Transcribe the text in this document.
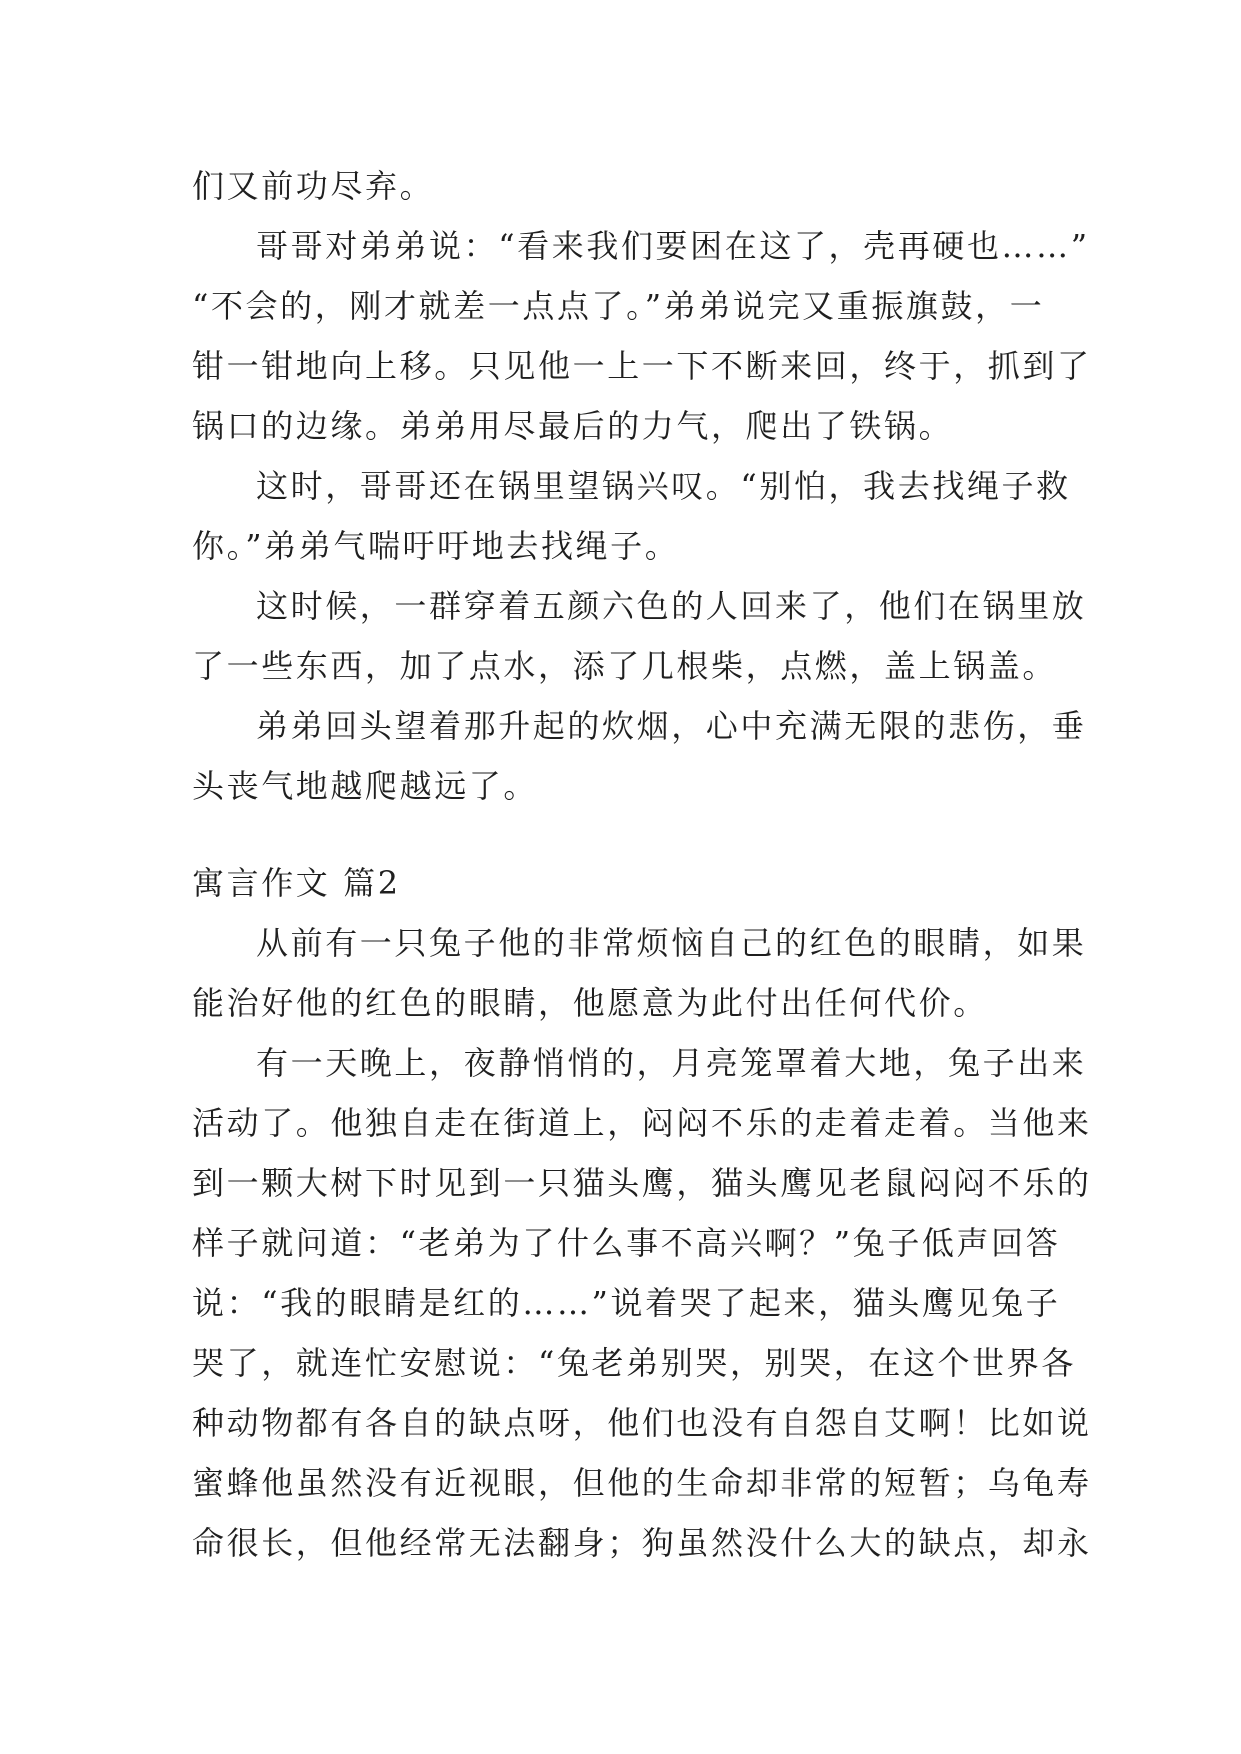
们又前功尽弃。
哥哥对弟弟说：“看来我们要困在这了，壳再硬也……”
“不会的，刚才就差一点点了。”弟弟说完又重振旗鼓，一
钳一钳地向上移。只见他一上一下不断来回，终于，抓到了
锅口的边缘。弟弟用尽最后的力气，爬出了铁锅。
这时，哥哥还在锅里望锅兴叹。“别怕，我去找绳子救
你。”弟弟气喘吁吁地去找绳子。
这时候，一群穿着五颜六色的人回来了，他们在锅里放
了一些东西，加了点水，添了几根柴，点燃，盖上锅盖。
弟弟回头望着那升起的炊烟，心中充满无限的悲伤，垂
头丧气地越爬越远了。
寓言作文 篇2
从前有一只兔子他的非常烦恼自己的红色的眼睛，如果
能治好他的红色的眼睛，他愿意为此付出任何代价。
有一天晚上，夜静悄悄的，月亮笼罩着大地，兔子出来
活动了。他独自走在街道上，闷闷不乐的走着走着。当他来
到一颗大树下时见到一只猫头鹰，猫头鹰见老鼠闷闷不乐的
样子就问道：“老弟为了什么事不高兴啊？”兔子低声回答
说：“我的眼睛是红的……”说着哭了起来，猫头鹰见兔子
哭了，就连忙安慰说：“兔老弟别哭，别哭，在这个世界各
种动物都有各自的缺点呀，他们也没有自怨自艾啊！比如说
蜜蜂他虽然没有近视眼，但他的生命却非常的短暂；乌龟寿
命很长，但他经常无法翻身；狗虽然没什么大的缺点，却永
